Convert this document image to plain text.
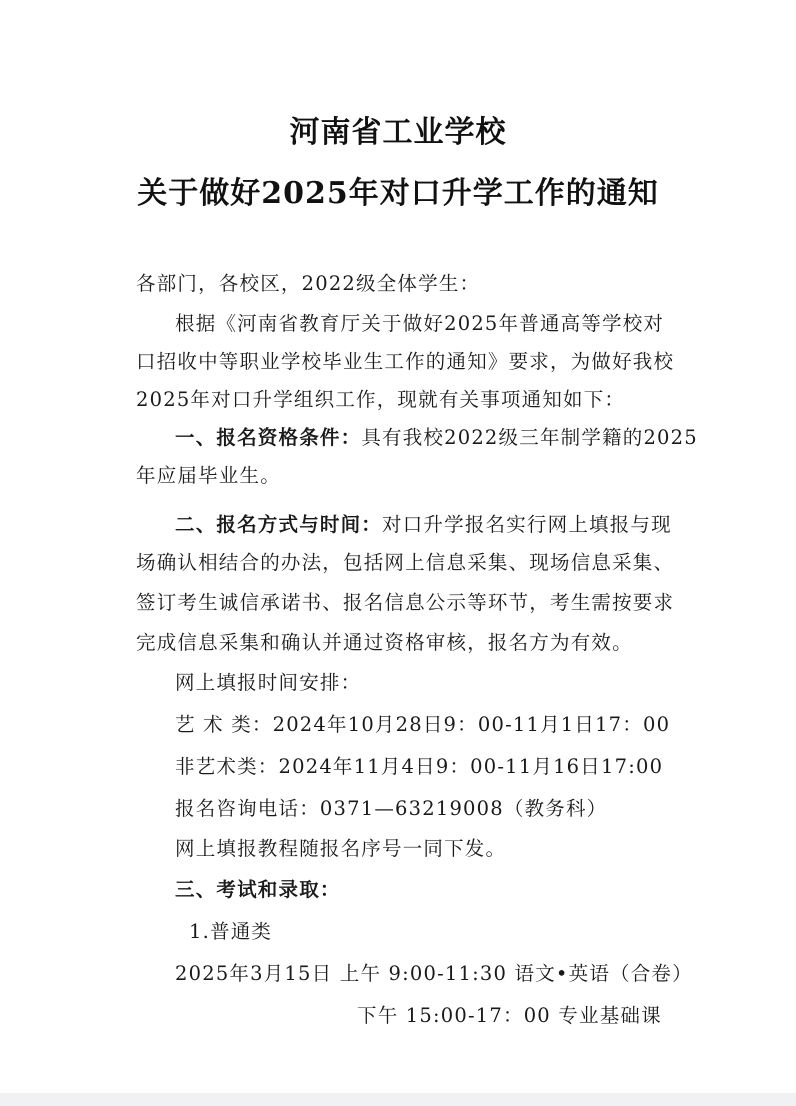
河南省工业学校
关于做好2025年对口升学工作的通知
各部门，各校区，2022级全体学生：
根据《河南省教育厅关于做好2025年普通高等学校对
口招收中等职业学校毕业生工作的通知》要求，为做好我校
2025年对口升学组织工作，现就有关事项通知如下：
一、报名资格条件：具有我校2022级三年制学籍的2025
年应届毕业生。
二、报名方式与时间：对口升学报名实行网上填报与现
场确认相结合的办法，包括网上信息采集、现场信息采集、
签订考生诚信承诺书、报名信息公示等环节，考生需按要求
完成信息采集和确认并通过资格审核，报名方为有效。
网上填报时间安排：
艺 术 类：2024年10月28日9：00-11月1日17：00
非艺术类：2024年11月4日9：00-11月16日17:00
报名咨询电话：0371—63219008（教务科）
网上填报教程随报名序号一同下发。
三、考试和录取：
1.普通类
2025年3月15日 上午 9:00-11:30 语文•英语（合卷）
下午 15:00-17：00 专业基础课
